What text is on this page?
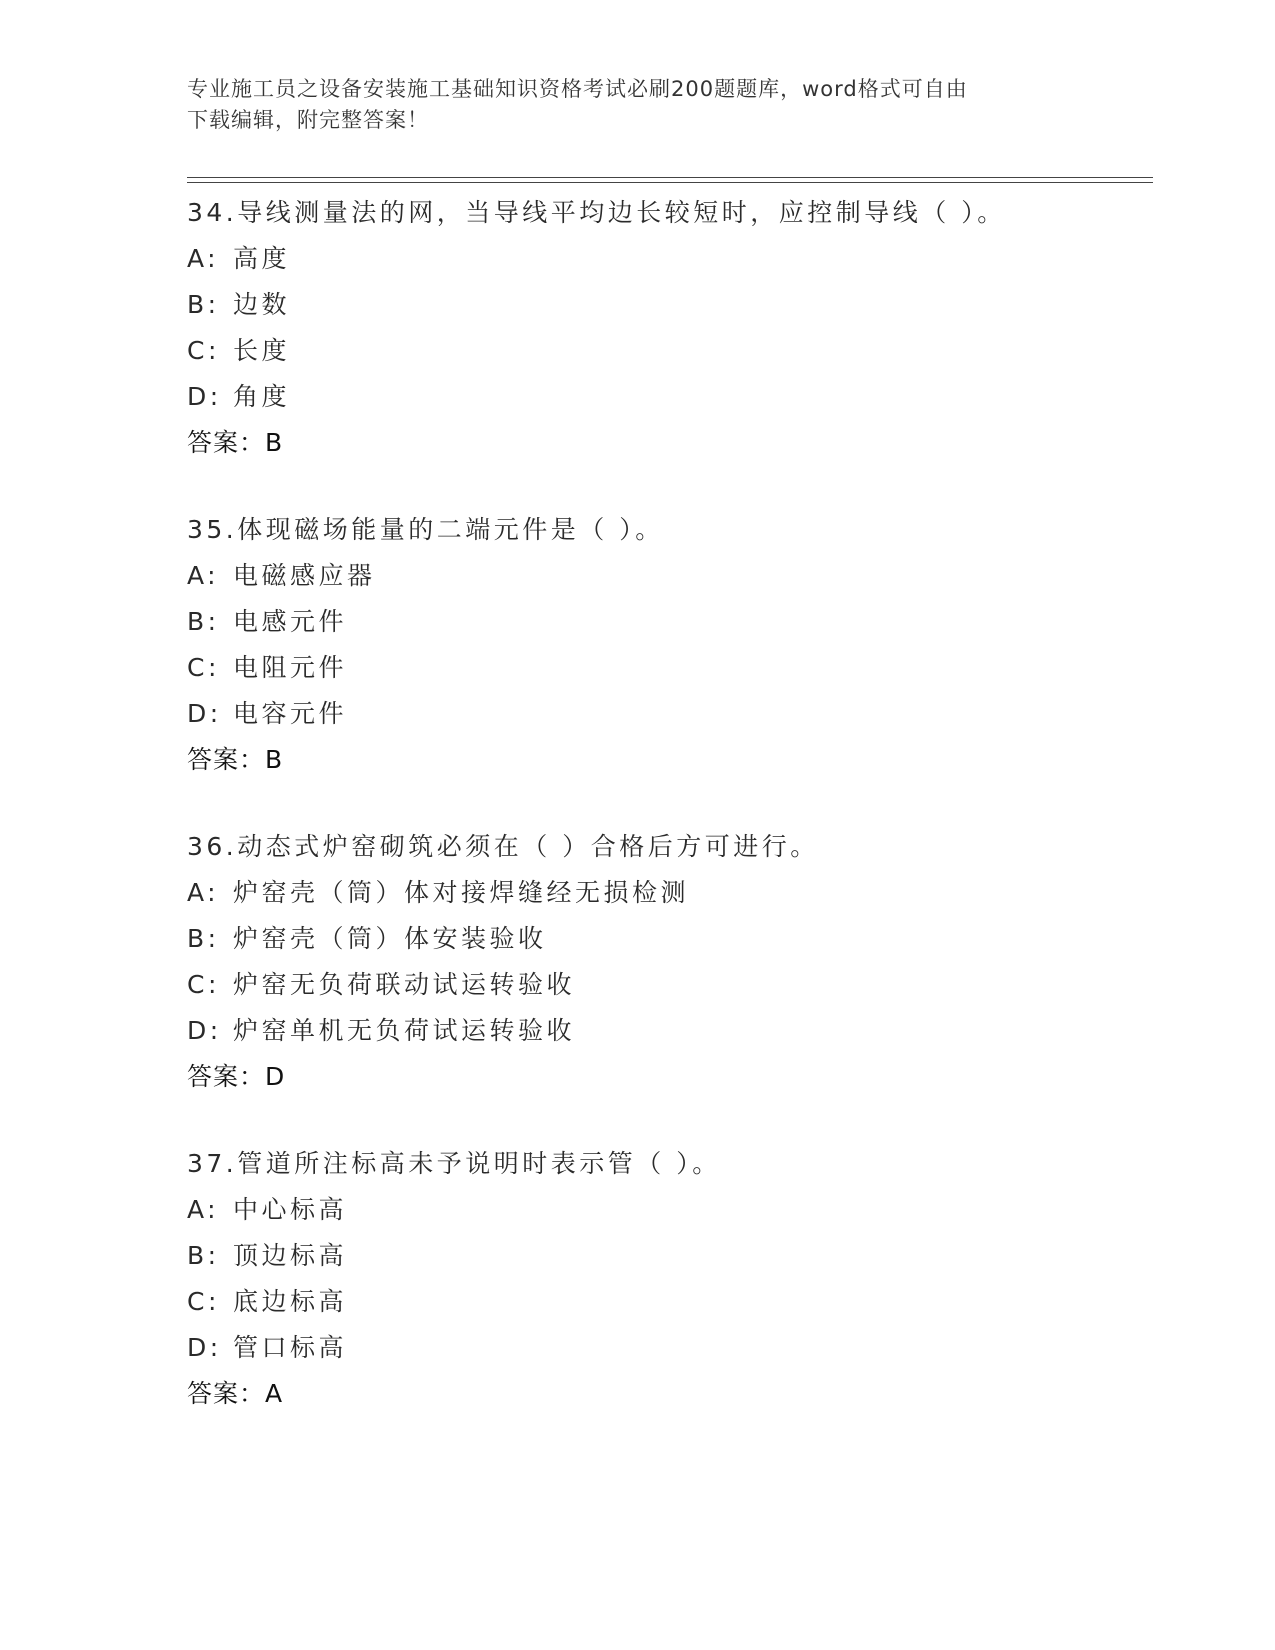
专业施工员之设备安装施工基础知识资格考试必刷200题题库，word格式可自由
下载编辑，附完整答案！
34.导线测量法的网，当导线平均边长较短时，应控制导线（ ）。
A: 高度
B: 边数
C: 长度
D: 角度
答案：B
35.体现磁场能量的二端元件是（ ）。
A: 电磁感应器
B: 电感元件
C: 电阻元件
D: 电容元件
答案：B
36.动态式炉窑砌筑必须在（ ）合格后方可进行。
A: 炉窑壳（筒）体对接焊缝经无损检测
B: 炉窑壳（筒）体安装验收
C: 炉窑无负荷联动试运转验收
D: 炉窑单机无负荷试运转验收
答案：D
37.管道所注标高未予说明时表示管（ ）。
A: 中心标高
B: 顶边标高
C: 底边标高
D: 管口标高
答案：A
